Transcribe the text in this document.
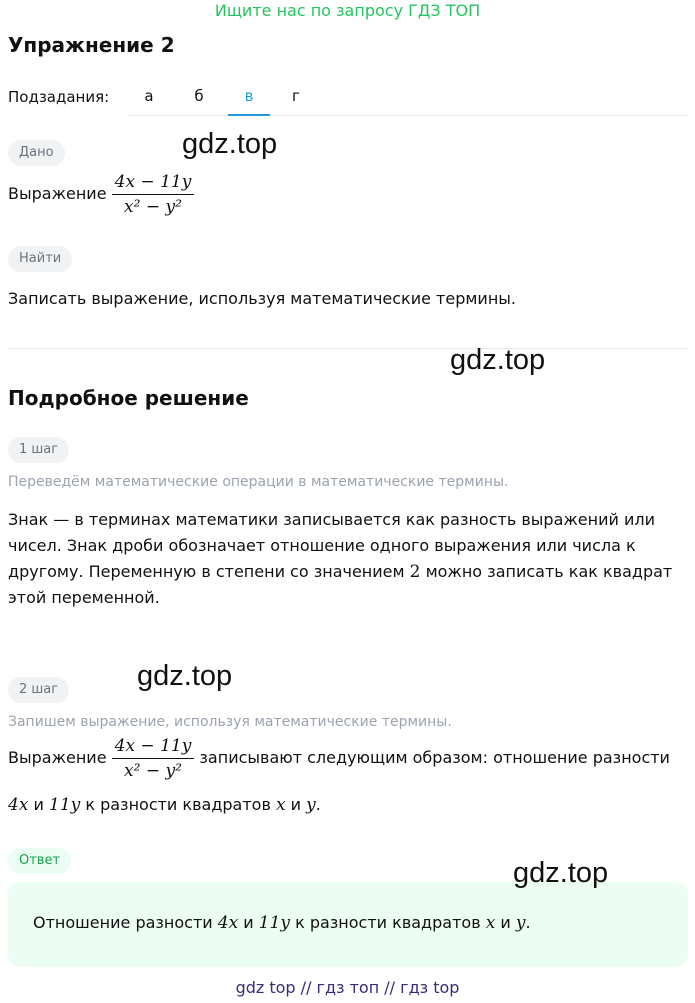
Ищите нас по запросу ГДЗ ТОП
Упражнение 2
Подзадания:	а	б	в	г
Дано	gdz.top
Выражение $\frac{4x - 11y}{\text{x² − y²}}$
Найти
Записать выражение, используя математические термины.
gdz.top
Подробное решение
1 шаг
Переведём математические операции в математические термины.
Знак — в терминах математики записывается как разность выражений или чисел. Знак дроби обозначает отношение одного выражения или числа к другому. Переменную в степени со значением 2 можно записать как квадрат этой переменной.
2 шаг	gdz.top
Запишем выражение, используя математические термины.
Выражение $\frac{4x - 11y}{\text{x² − y²}}$ записывают следующим образом: отношение разности
4x и 11y к разности квадратов x и y.
Ответ
Отношение разности 4x и 11y к разности квадратов x и y.
gdz.top
gdz top // гдз топ // гдз top
